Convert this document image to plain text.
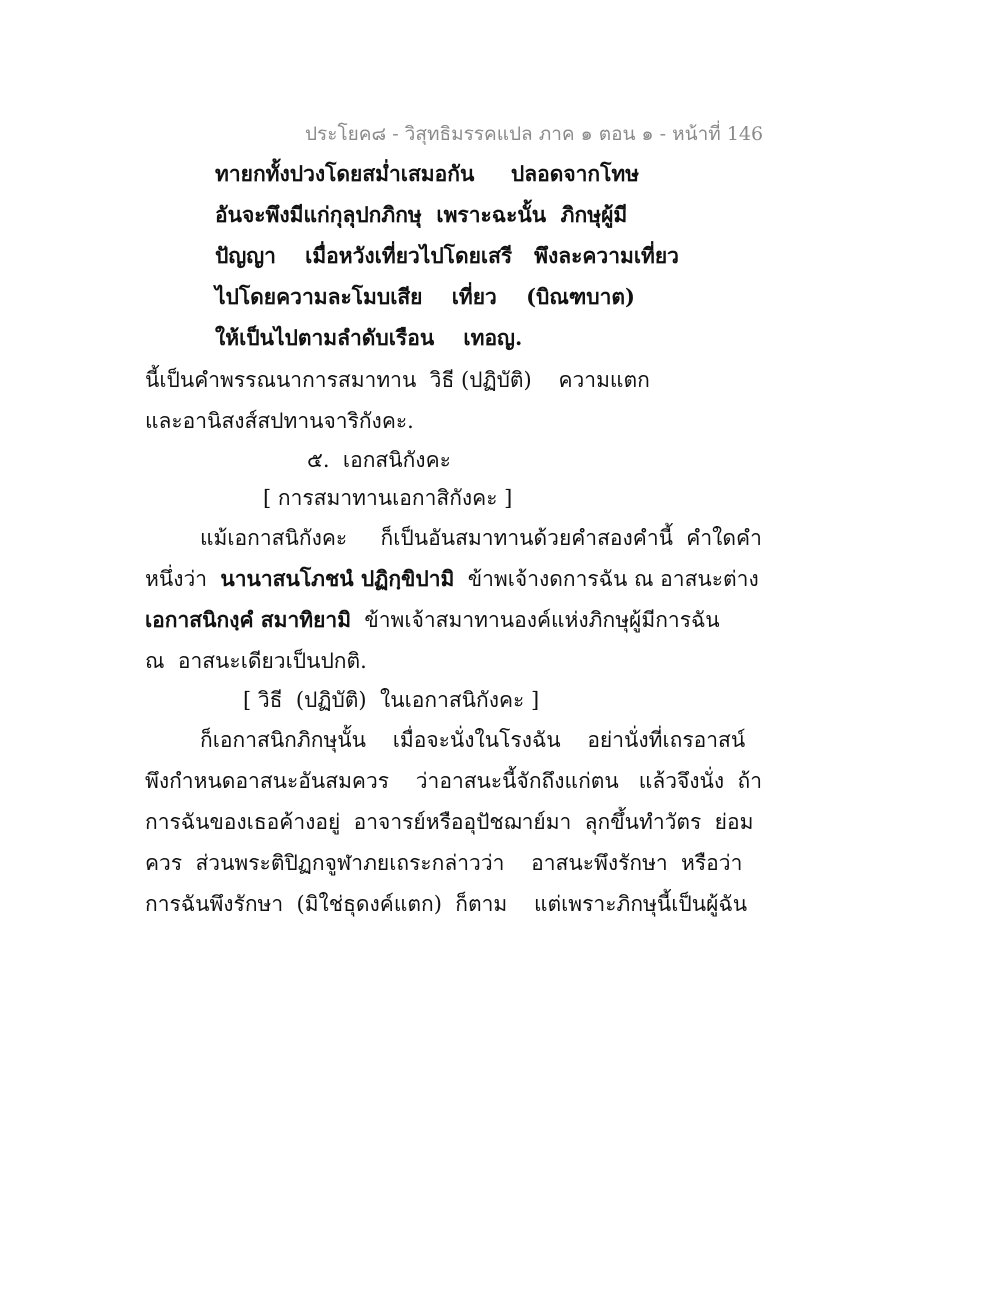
ประโยค๘ - วิสุทธิมรรคแปล ภาค ๑ ตอน ๑ - หน้าที่ 146
ทายกทั้งปวงโดยสม่ำเสมอกัน     ปลอดจากโทษ
อันจะพึงมีแก่กุลุปกภิกษุ  เพราะฉะนั้น  ภิกษุผู้มี
ปัญญา    เมื่อหวังเที่ยวไปโดยเสรี   พึงละความเที่ยว
ไปโดยความละโมบเสีย    เที่ยว    (บิณฑบาต)
ให้เป็นไปตามลำดับเรือน    เทอญ.
นี้เป็นคำพรรณนาการสมาทาน  วิธี (ปฏิบัติ)    ความแตก
และอานิสงส์สปทานจาริกังคะ.
๕.  เอกสนิกังคะ
[ การสมาทานเอกาสิกังคะ ]
แม้เอกาสนิกังคะ     ก็เป็นอันสมาทานด้วยคำสองคำนี้  คำใดคำ
หนึ่งว่า  นานาสนโภชนํ ปฏิกฺขิปามิ  ข้าพเจ้างดการฉัน ณ อาสนะต่าง
เอกาสนิกงฺคํ สมาทิยามิ  ข้าพเจ้าสมาทานองค์แห่งภิกษุผู้มีการฉัน
ณ  อาสนะเดียวเป็นปกติ.
[ วิธี  (ปฏิบัติ)  ในเอกาสนิกังคะ ]
ก็เอกาสนิกภิกษุนั้น    เมื่อจะนั่งในโรงฉัน    อย่านั่งที่เถรอาสน์
พึงกำหนดอาสนะอันสมควร    ว่าอาสนะนี้จักถึงแก่ตน   แล้วจึงนั่ง  ถ้า
การฉันของเธอค้างอยู่  อาจารย์หรืออุปัชฌาย์มา  ลุกขึ้นทำวัตร  ย่อม
ควร  ส่วนพระติปิฏกจูฬาภยเถระกล่าวว่า    อาสนะพึงรักษา  หรือว่า
การฉันพึงรักษา  (มิใช่ธุดงค์แตก)  ก็ตาม    แต่เพราะภิกษุนี้เป็นผู้ฉัน
